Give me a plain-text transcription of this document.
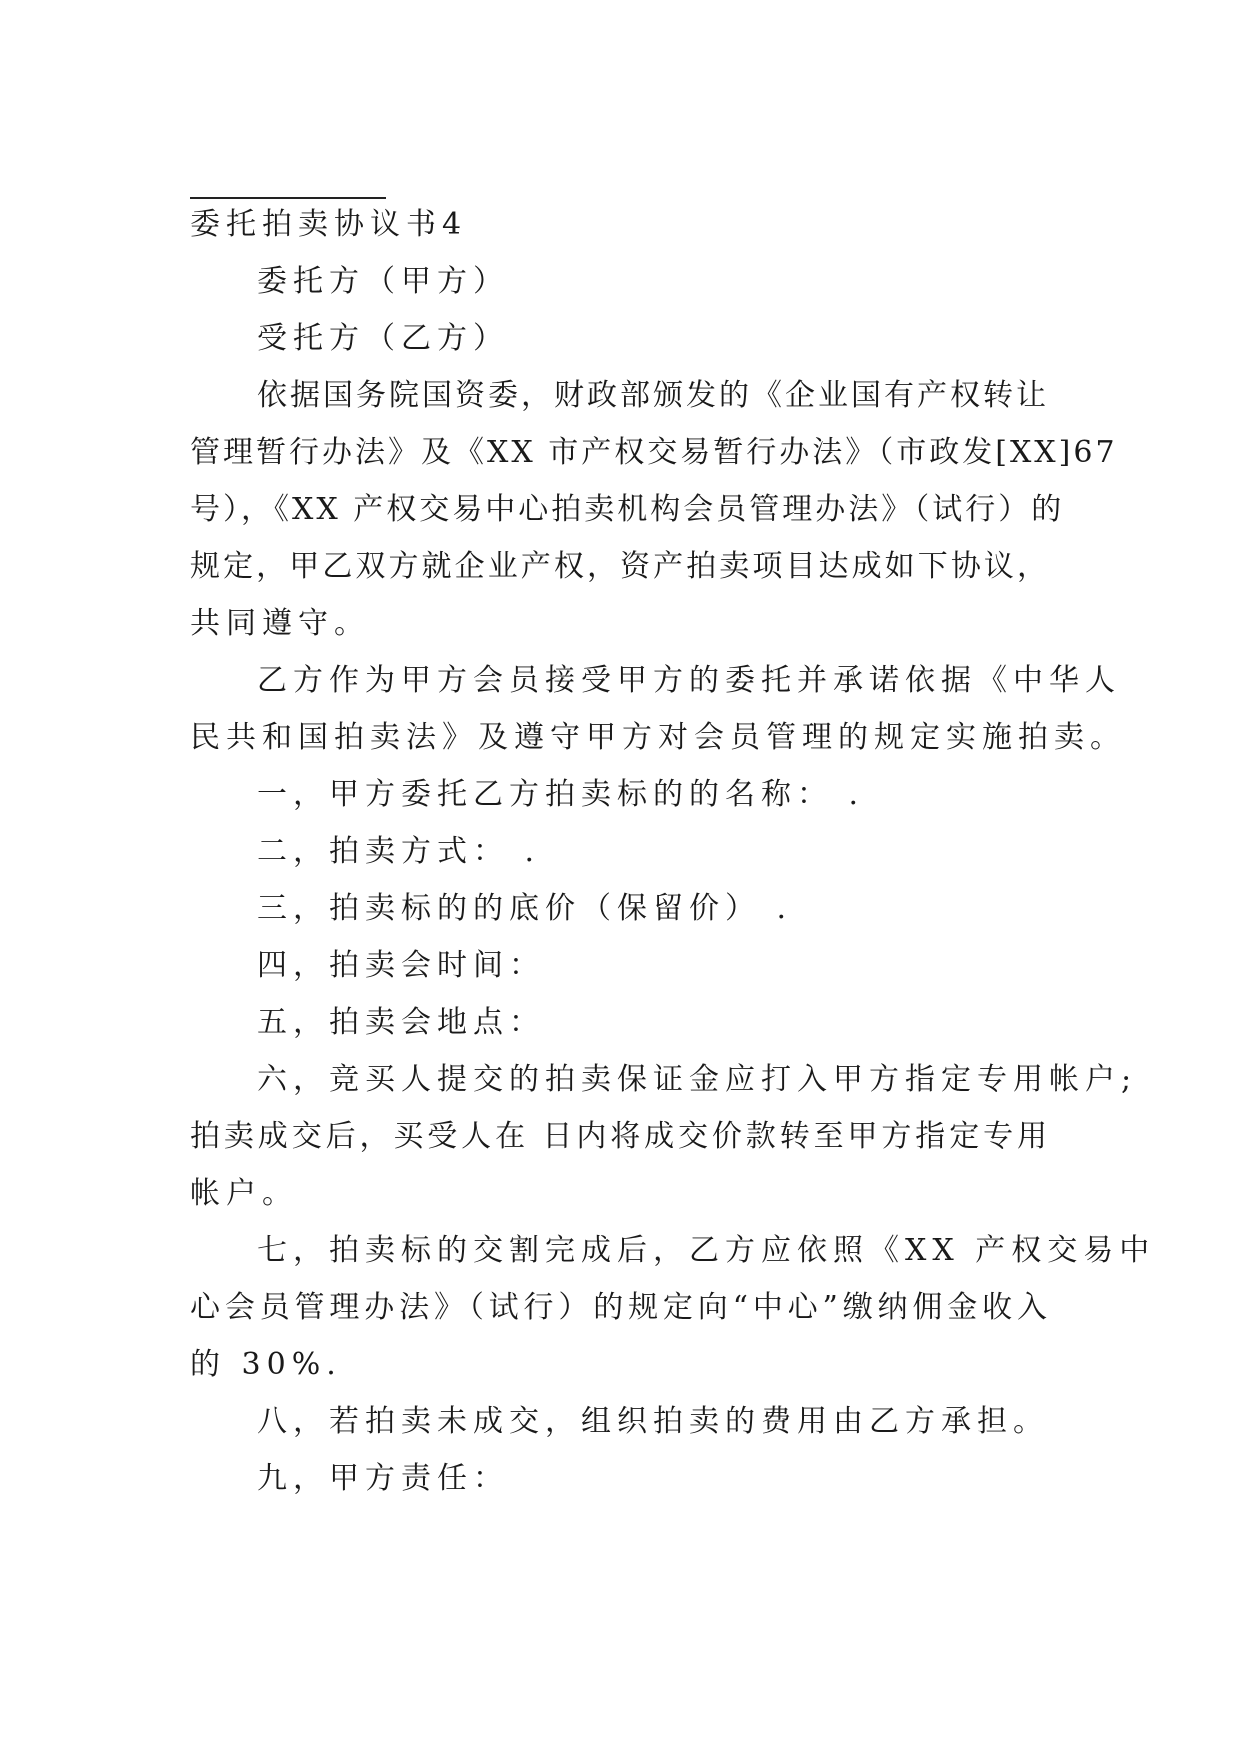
委托拍卖协议书4
委托方（甲方）
受托方（乙方）
依据国务院国资委，财政部颁发的《企业国有产权转让
管理暂行办法》及《XX 市产权交易暂行办法》（市政发[XX]67
号），《XX 产权交易中心拍卖机构会员管理办法》（试行）的
规定，甲乙双方就企业产权，资产拍卖项目达成如下协议，
共同遵守。
乙方作为甲方会员接受甲方的委托并承诺依据《中华人
民共和国拍卖法》及遵守甲方对会员管理的规定实施拍卖。
一，甲方委托乙方拍卖标的的名称： .
二，拍卖方式： .
三，拍卖标的的底价（保留价） .
四，拍卖会时间：
五，拍卖会地点：
六，竞买人提交的拍卖保证金应打入甲方指定专用帐户;
拍卖成交后，买受人在 日内将成交价款转至甲方指定专用
帐户。
七，拍卖标的交割完成后，乙方应依照《XX 产权交易中
心会员管理办法》（试行）的规定向“中心”缴纳佣金收入
的 30%.
八，若拍卖未成交，组织拍卖的费用由乙方承担。
九，甲方责任：
